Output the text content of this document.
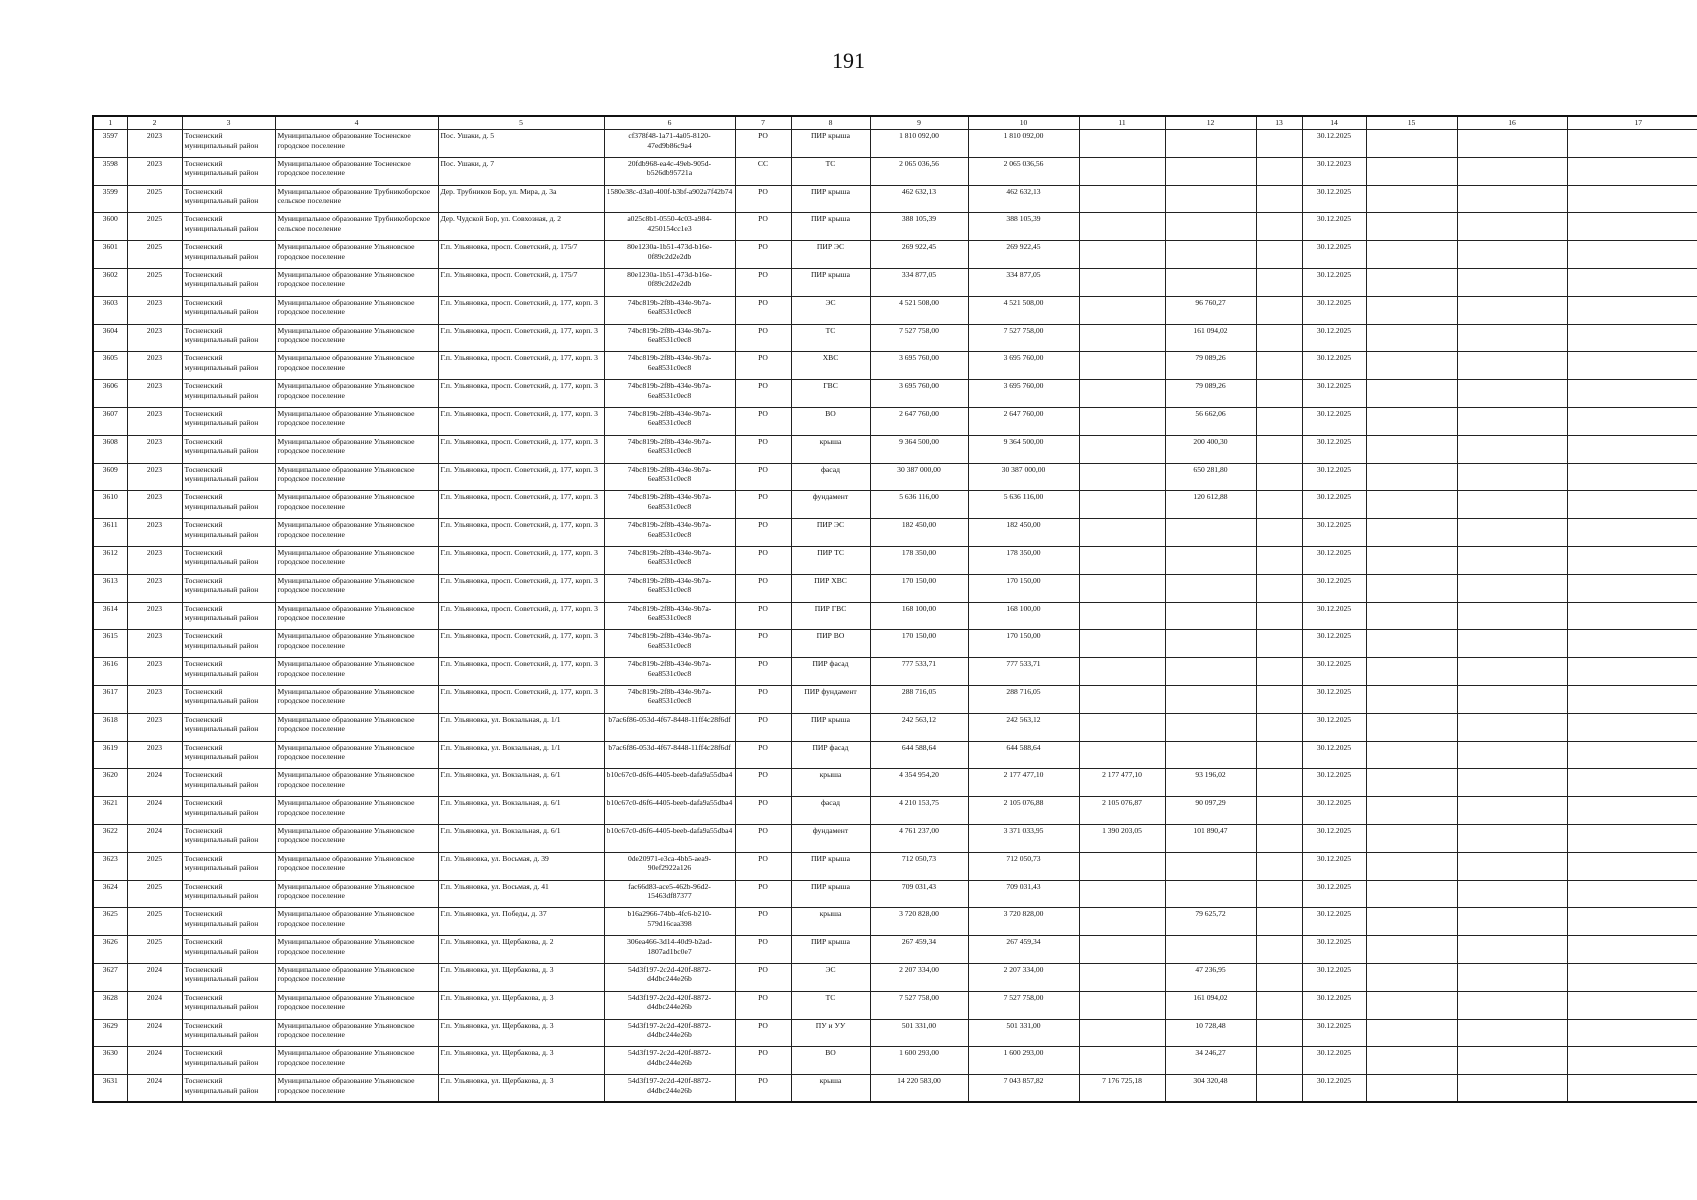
191
1	2	3	4	5	6	7	8	9	10	11	12	13	14	15	16	17
3597	2023	Тосненский муниципальный район	Муниципальное образование Тосненское городское поселение	Пос. Ушаки, д. 5	cf378f48-1a71-4a05-8120-47ed9b86c9a4	РО	ПИР крыша	1 810 092,00	1 810 092,00				30.12.2025			
3598	2023	Тосненский муниципальный район	Муниципальное образование Тосненское городское поселение	Пос. Ушаки, д. 7	20fdb968-ea4c-49eb-905d-b526db95721a	СС	ТС	2 065 036,56	2 065 036,56				30.12.2023			
3599	2025	Тосненский муниципальный район	Муниципальное образование Трубникоборское сельское поселение	Дер. Трубников Бор, ул. Мира, д. 3а	1580e38c-d3a0-400f-b3bf-a902a7f42b74	РО	ПИР крыша	462 632,13	462 632,13				30.12.2025			
3600	2025	Тосненский муниципальный район	Муниципальное образование Трубникоборское сельское поселение	Дер. Чудской Бор, ул. Совхозная, д. 2	a025c8b1-0550-4c03-a984-4250154cc1e3	РО	ПИР крыша	388 105,39	388 105,39				30.12.2025			
3601	2025	Тосненский муниципальный район	Муниципальное образование Ульяновское городское поселение	Г.п. Ульяновка, просп. Советский, д. 175/7	80e1230a-1b51-473d-b16e-0f89c2d2e2db	РО	ПИР ЭС	269 922,45	269 922,45				30.12.2025			
3602	2025	Тосненский муниципальный район	Муниципальное образование Ульяновское городское поселение	Г.п. Ульяновка, просп. Советский, д. 175/7	80e1230a-1b51-473d-b16e-0f89c2d2e2db	РО	ПИР крыша	334 877,05	334 877,05				30.12.2025			
3603	2023	Тосненский муниципальный район	Муниципальное образование Ульяновское городское поселение	Г.п. Ульяновка, просп. Советский, д. 177, корп. 3	74bc819b-2f8b-434e-9b7a-6ea8531c0ec8	РО	ЭС	4 521 508,00	4 521 508,00		96 760,27		30.12.2025			
3604	2023	Тосненский муниципальный район	Муниципальное образование Ульяновское городское поселение	Г.п. Ульяновка, просп. Советский, д. 177, корп. 3	74bc819b-2f8b-434e-9b7a-6ea8531c0ec8	РО	ТС	7 527 758,00	7 527 758,00		161 094,02		30.12.2025			
3605	2023	Тосненский муниципальный район	Муниципальное образование Ульяновское городское поселение	Г.п. Ульяновка, просп. Советский, д. 177, корп. 3	74bc819b-2f8b-434e-9b7a-6ea8531c0ec8	РО	ХВС	3 695 760,00	3 695 760,00		79 089,26		30.12.2025			
3606	2023	Тосненский муниципальный район	Муниципальное образование Ульяновское городское поселение	Г.п. Ульяновка, просп. Советский, д. 177, корп. 3	74bc819b-2f8b-434e-9b7a-6ea8531c0ec8	РО	ГВС	3 695 760,00	3 695 760,00		79 089,26		30.12.2025			
3607	2023	Тосненский муниципальный район	Муниципальное образование Ульяновское городское поселение	Г.п. Ульяновка, просп. Советский, д. 177, корп. 3	74bc819b-2f8b-434e-9b7a-6ea8531c0ec8	РО	ВО	2 647 760,00	2 647 760,00		56 662,06		30.12.2025			
3608	2023	Тосненский муниципальный район	Муниципальное образование Ульяновское городское поселение	Г.п. Ульяновка, просп. Советский, д. 177, корп. 3	74bc819b-2f8b-434e-9b7a-6ea8531c0ec8	РО	крыша	9 364 500,00	9 364 500,00		200 400,30		30.12.2025			
3609	2023	Тосненский муниципальный район	Муниципальное образование Ульяновское городское поселение	Г.п. Ульяновка, просп. Советский, д. 177, корп. 3	74bc819b-2f8b-434e-9b7a-6ea8531c0ec8	РО	фасад	30 387 000,00	30 387 000,00		650 281,80		30.12.2025			
3610	2023	Тосненский муниципальный район	Муниципальное образование Ульяновское городское поселение	Г.п. Ульяновка, просп. Советский, д. 177, корп. 3	74bc819b-2f8b-434e-9b7a-6ea8531c0ec8	РО	фундамент	5 636 116,00	5 636 116,00		120 612,88		30.12.2025			
3611	2023	Тосненский муниципальный район	Муниципальное образование Ульяновское городское поселение	Г.п. Ульяновка, просп. Советский, д. 177, корп. 3	74bc819b-2f8b-434e-9b7a-6ea8531c0ec8	РО	ПИР ЭС	182 450,00	182 450,00				30.12.2025			
3612	2023	Тосненский муниципальный район	Муниципальное образование Ульяновское городское поселение	Г.п. Ульяновка, просп. Советский, д. 177, корп. 3	74bc819b-2f8b-434e-9b7a-6ea8531c0ec8	РО	ПИР ТС	178 350,00	178 350,00				30.12.2025			
3613	2023	Тосненский муниципальный район	Муниципальное образование Ульяновское городское поселение	Г.п. Ульяновка, просп. Советский, д. 177, корп. 3	74bc819b-2f8b-434e-9b7a-6ea8531c0ec8	РО	ПИР ХВС	170 150,00	170 150,00				30.12.2025			
3614	2023	Тосненский муниципальный район	Муниципальное образование Ульяновское городское поселение	Г.п. Ульяновка, просп. Советский, д. 177, корп. 3	74bc819b-2f8b-434e-9b7a-6ea8531c0ec8	РО	ПИР ГВС	168 100,00	168 100,00				30.12.2025			
3615	2023	Тосненский муниципальный район	Муниципальное образование Ульяновское городское поселение	Г.п. Ульяновка, просп. Советский, д. 177, корп. 3	74bc819b-2f8b-434e-9b7a-6ea8531c0ec8	РО	ПИР ВО	170 150,00	170 150,00				30.12.2025			
3616	2023	Тосненский муниципальный район	Муниципальное образование Ульяновское городское поселение	Г.п. Ульяновка, просп. Советский, д. 177, корп. 3	74bc819b-2f8b-434e-9b7a-6ea8531c0ec8	РО	ПИР фасад	777 533,71	777 533,71				30.12.2025			
3617	2023	Тосненский муниципальный район	Муниципальное образование Ульяновское городское поселение	Г.п. Ульяновка, просп. Советский, д. 177, корп. 3	74bc819b-2f8b-434e-9b7a-6ea8531c0ec8	РО	ПИР фундамент	288 716,05	288 716,05				30.12.2025			
3618	2023	Тосненский муниципальный район	Муниципальное образование Ульяновское городское поселение	Г.п. Ульяновка, ул. Вокзальная, д. 1/1	b7ac6f86-053d-4f67-8448-11ff4c28f6df	РО	ПИР крыша	242 563,12	242 563,12				30.12.2025			
3619	2023	Тосненский муниципальный район	Муниципальное образование Ульяновское городское поселение	Г.п. Ульяновка, ул. Вокзальная, д. 1/1	b7ac6f86-053d-4f67-8448-11ff4c28f6df	РО	ПИР фасад	644 588,64	644 588,64				30.12.2025			
3620	2024	Тосненский муниципальный район	Муниципальное образование Ульяновское городское поселение	Г.п. Ульяновка, ул. Вокзальная, д. 6/1	b10c67c0-d6f6-4405-beeb-dafa9a55dba4	РО	крыша	4 354 954,20	2 177 477,10	2 177 477,10	93 196,02		30.12.2025			
3621	2024	Тосненский муниципальный район	Муниципальное образование Ульяновское городское поселение	Г.п. Ульяновка, ул. Вокзальная, д. 6/1	b10c67c0-d6f6-4405-beeb-dafa9a55dba4	РО	фасад	4 210 153,75	2 105 076,88	2 105 076,87	90 097,29		30.12.2025			
3622	2024	Тосненский муниципальный район	Муниципальное образование Ульяновское городское поселение	Г.п. Ульяновка, ул. Вокзальная, д. 6/1	b10c67c0-d6f6-4405-beeb-dafa9a55dba4	РО	фундамент	4 761 237,00	3 371 033,95	1 390 203,05	101 890,47		30.12.2025			
3623	2025	Тосненский муниципальный район	Муниципальное образование Ульяновское городское поселение	Г.п. Ульяновка, ул. Восьмая, д. 39	0de20971-e3ca-4bb5-aea9-90ef2922a126	РО	ПИР крыша	712 050,73	712 050,73				30.12.2025			
3624	2025	Тосненский муниципальный район	Муниципальное образование Ульяновское городское поселение	Г.п. Ульяновка, ул. Восьмая, д. 41	fac66d83-ace5-462b-96d2-15463df87377	РО	ПИР крыша	709 031,43	709 031,43				30.12.2025			
3625	2025	Тосненский муниципальный район	Муниципальное образование Ульяновское городское поселение	Г.п. Ульяновка, ул. Победы, д. 37	b16a2966-74bb-4fc6-b210-579d16caa398	РО	крыша	3 720 828,00	3 720 828,00		79 625,72		30.12.2025			
3626	2025	Тосненский муниципальный район	Муниципальное образование Ульяновское городское поселение	Г.п. Ульяновка, ул. Щербакова, д. 2	306ea466-3d14-40d9-b2ad-1807ad1bc0e7	РО	ПИР крыша	267 459,34	267 459,34				30.12.2025			
3627	2024	Тосненский муниципальный район	Муниципальное образование Ульяновское городское поселение	Г.п. Ульяновка, ул. Щербакова, д. 3	54d3f197-2c2d-420f-8872-d4dbc244e26b	РО	ЭС	2 207 334,00	2 207 334,00		47 236,95		30.12.2025			
3628	2024	Тосненский муниципальный район	Муниципальное образование Ульяновское городское поселение	Г.п. Ульяновка, ул. Щербакова, д. 3	54d3f197-2c2d-420f-8872-d4dbc244e26b	РО	ТС	7 527 758,00	7 527 758,00		161 094,02		30.12.2025			
3629	2024	Тосненский муниципальный район	Муниципальное образование Ульяновское городское поселение	Г.п. Ульяновка, ул. Щербакова, д. 3	54d3f197-2c2d-420f-8872-d4dbc244e26b	РО	ПУ и УУ	501 331,00	501 331,00		10 728,48		30.12.2025			
3630	2024	Тосненский муниципальный район	Муниципальное образование Ульяновское городское поселение	Г.п. Ульяновка, ул. Щербакова, д. 3	54d3f197-2c2d-420f-8872-d4dbc244e26b	РО	ВО	1 600 293,00	1 600 293,00		34 246,27		30.12.2025			
3631	2024	Тосненский муниципальный район	Муниципальное образование Ульяновское городское поселение	Г.п. Ульяновка, ул. Щербакова, д. 3	54d3f197-2c2d-420f-8872-d4dbc244e26b	РО	крыша	14 220 583,00	7 043 857,82	7 176 725,18	304 320,48		30.12.2025			
